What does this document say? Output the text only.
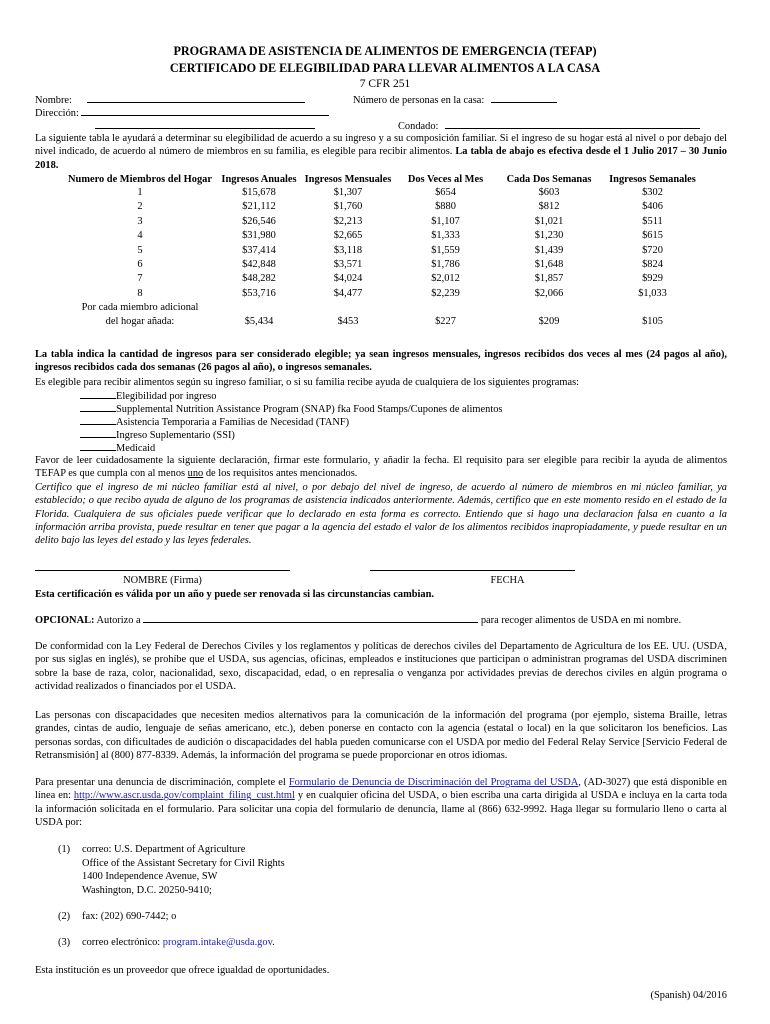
PROGRAMA DE ASISTENCIA DE ALIMENTOS DE EMERGENCIA (TEFAP)
CERTIFICADO DE ELEGIBILIDAD PARA LLEVAR ALIMENTOS A LA CASA
7 CFR 251
Nombre:	Número de personas en la casa:
Dirección:
Condado:
La siguiente tabla le ayudará a determinar su elegibilidad de acuerdo a su ingreso y a su composición familiar. Si el ingreso de su hogar está al nivel o por debajo del nivel indicado, de acuerdo al número de miembros en su familia, es elegible para recibir alimentos. La tabla de abajo es efectiva desde el 1 Julio 2017 – 30 Junio 2018.
Numero de Miembros del Hogar	Ingresos Anuales	Ingresos Mensuales	Dos Veces al Mes	Cada Dos Semanas	Ingresos Semanales
1	$15,678	$1,307	$654	$603	$302
2	$21,112	$1,760	$880	$812	$406
3	$26,546	$2,213	$1,107	$1,021	$511
4	$31,980	$2,665	$1,333	$1,230	$615
5	$37,414	$3,118	$1,559	$1,439	$720
6	$42,848	$3,571	$1,786	$1,648	$824
7	$48,282	$4,024	$2,012	$1,857	$929
8	$53,716	$4,477	$2,239	$2,066	$1,033

Por cada miembro adicional
del hogar añada:	$5,434	$453	$227	$209	$105
La tabla indica la cantidad de ingresos para ser considerado elegible; ya sean ingresos mensuales, ingresos recibidos dos veces al mes (24 pagos al año), ingresos recibidos cada dos semanas (26 pagos al año), o ingresos semanales.
Es elegible para recibir alimentos según su ingreso familiar, o si su familia recibe ayuda de cualquiera de los siguientes programas:
Elegibilidad por ingreso
Supplemental Nutrition Assistance Program (SNAP) fka Food Stamps/Cupones de alimentos
Asistencia Temporaria a Familias de Necesidad (TANF)
Ingreso Suplementario (SSI)
Medicaid
Favor de leer cuidadosamente la siguiente declaración, firmar este formulario, y añadir la fecha. El requisito para ser elegible para recibir la ayuda de alimentos TEFAP es que cumpla con al menos uno de los requisitos antes mencionados.
Certifico que el ingreso de mi núcleo familiar está al nivel, o por debajo del nivel de ingreso, de acuerdo al número de miembros en mi núcleo familiar, ya establecido; o que recibo ayuda de alguno de los programas de asistencia indicados anteriormente. Además, certifico que en este momento resido en el estado de la Florida. Cualquiera de sus oficiales puede verificar que lo declarado en esta forma es correcto. Entiendo que si hago una declaracion falsa en cuanto a la información arriba provista, puede resultar en tener que pagar a la agencia del estado el valor de los alimentos recibidos inapropiadamente, y puede resultar en un delito bajo las leyes del estado y las leyes federales.
NOMBRE (Firma)	FECHA
Esta certificación es válida por un año y puede ser renovada si las circunstancias cambian.
OPCIONAL: Autorizo a	para recoger alimentos de USDA en mi nombre.
De conformidad con la Ley Federal de Derechos Civiles y los reglamentos y políticas de derechos civiles del Departamento de Agricultura de los EE. UU. (USDA, por sus siglas en inglés), se prohíbe que el USDA, sus agencias, oficinas, empleados e instituciones que participan o administran programas del USDA discriminen sobre la base de raza, color, nacionalidad, sexo, discapacidad, edad, o en represalia o venganza por actividades previas de derechos civiles en algún programa o actividad realizados o financiados por el USDA.
Las personas con discapacidades que necesiten medios alternativos para la comunicación de la información del programa (por ejemplo, sistema Braille, letras grandes, cintas de audio, lenguaje de señas americano, etc.), deben ponerse en contacto con la agencia (estatal o local) en la que solicitaron los beneficios. Las personas sordas, con dificultades de audición o discapacidades del habla pueden comunicarse con el USDA por medio del Federal Relay Service [Servicio Federal de Retransmisión] al (800) 877-8339. Además, la información del programa se puede proporcionar en otros idiomas.
Para presentar una denuncia de discriminación, complete el Formulario de Denuncia de Discriminación del Programa del USDA, (AD-3027) que está disponible en línea en: http://www.ascr.usda.gov/complaint_filing_cust.html y en cualquier oficina del USDA, o bien escriba una carta dirigida al USDA e incluya en la carta toda la información solicitada en el formulario. Para solicitar una copia del formulario de denuncia, llame al (866) 632-9992. Haga llegar su formulario lleno o carta al USDA por:
(1) correo: U.S. Department of Agriculture
Office of the Assistant Secretary for Civil Rights
1400 Independence Avenue, SW
Washington, D.C. 20250-9410;
(2) fax: (202) 690-7442; o
(3) correo electrónico: program.intake@usda.gov.
Esta institución es un proveedor que ofrece igualdad de oportunidades.
(Spanish) 04/2016
